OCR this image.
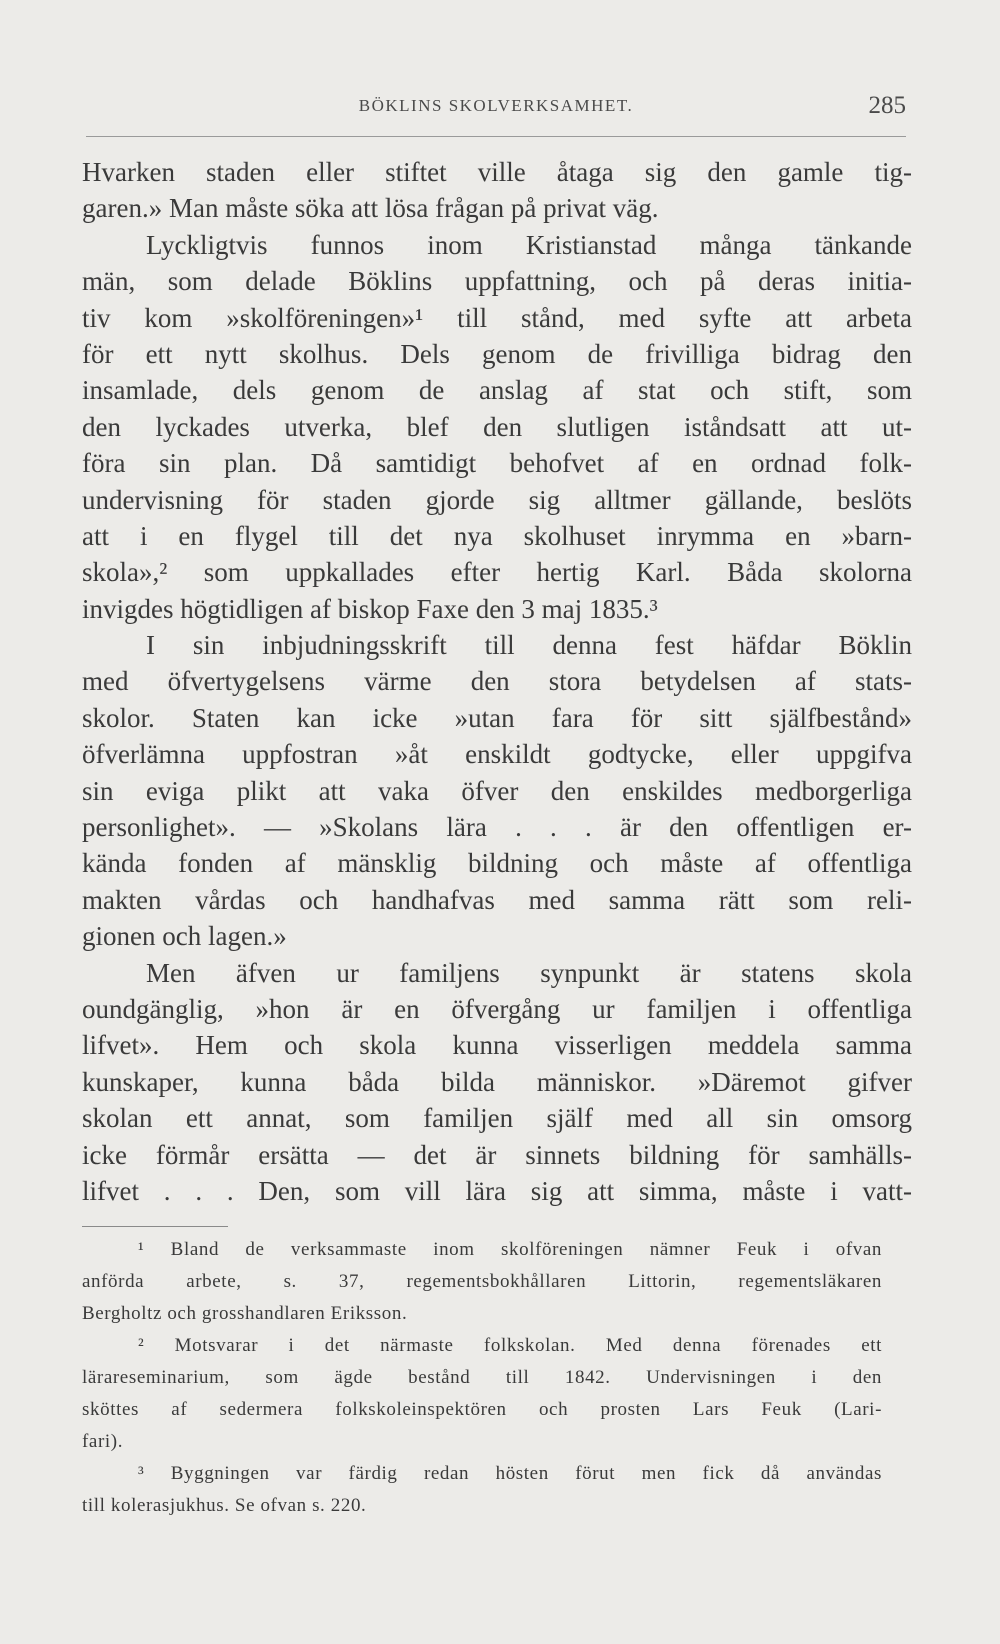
BÖKLINS SKOLVERKSAMHET.	285
Hvarken staden eller stiftet ville åtaga sig den gamle tig-
garen.» Man måste söka att lösa frågan på privat väg.
Lyckligtvis funnos inom Kristianstad många tänkande
män, som delade Böklins uppfattning, och på deras initia-
tiv kom »skolföreningen»¹ till stånd, med syfte att arbeta
för ett nytt skolhus. Dels genom de frivilliga bidrag den
insamlade, dels genom de anslag af stat och stift, som
den lyckades utverka, blef den slutligen iståndsatt att ut-
föra sin plan. Då samtidigt behofvet af en ordnad folk-
undervisning för staden gjorde sig alltmer gällande, beslöts
att i en flygel till det nya skolhuset inrymma en »barn-
skola»,² som uppkallades efter hertig Karl. Båda skolorna
invigdes högtidligen af biskop Faxe den 3 maj 1835.³
I sin inbjudningsskrift till denna fest häfdar Böklin
med öfvertygelsens värme den stora betydelsen af stats-
skolor. Staten kan icke »utan fara för sitt själfbestånd»
öfverlämna uppfostran »åt enskildt godtycke, eller uppgifva
sin eviga plikt att vaka öfver den enskildes medborgerliga
personlighet». — »Skolans lära . . . är den offentligen er-
kända fonden af mänsklig bildning och måste af offentliga
makten vårdas och handhafvas med samma rätt som reli-
gionen och lagen.»
Men äfven ur familjens synpunkt är statens skola
oundgänglig, »hon är en öfvergång ur familjen i offentliga
lifvet». Hem och skola kunna visserligen meddela samma
kunskaper, kunna båda bilda människor. »Däremot gifver
skolan ett annat, som familjen själf med all sin omsorg
icke förmår ersätta — det är sinnets bildning för samhälls-
lifvet . . . Den, som vill lära sig att simma, måste i vatt-
¹ Bland de verksammaste inom skolföreningen nämner Feuk i ofvan
anförda arbete, s. 37, regementsbokhållaren Littorin, regementsläkaren
Bergholtz och grosshandlaren Eriksson.
² Motsvarar i det närmaste folkskolan. Med denna förenades ett
lärareseminarium, som ägde bestånd till 1842. Undervisningen i den
sköttes af sedermera folkskoleinspektören och prosten Lars Feuk (Lari-
fari).
³ Byggningen var färdig redan hösten förut men fick då användas
till kolerasjukhus. Se ofvan s. 220.
